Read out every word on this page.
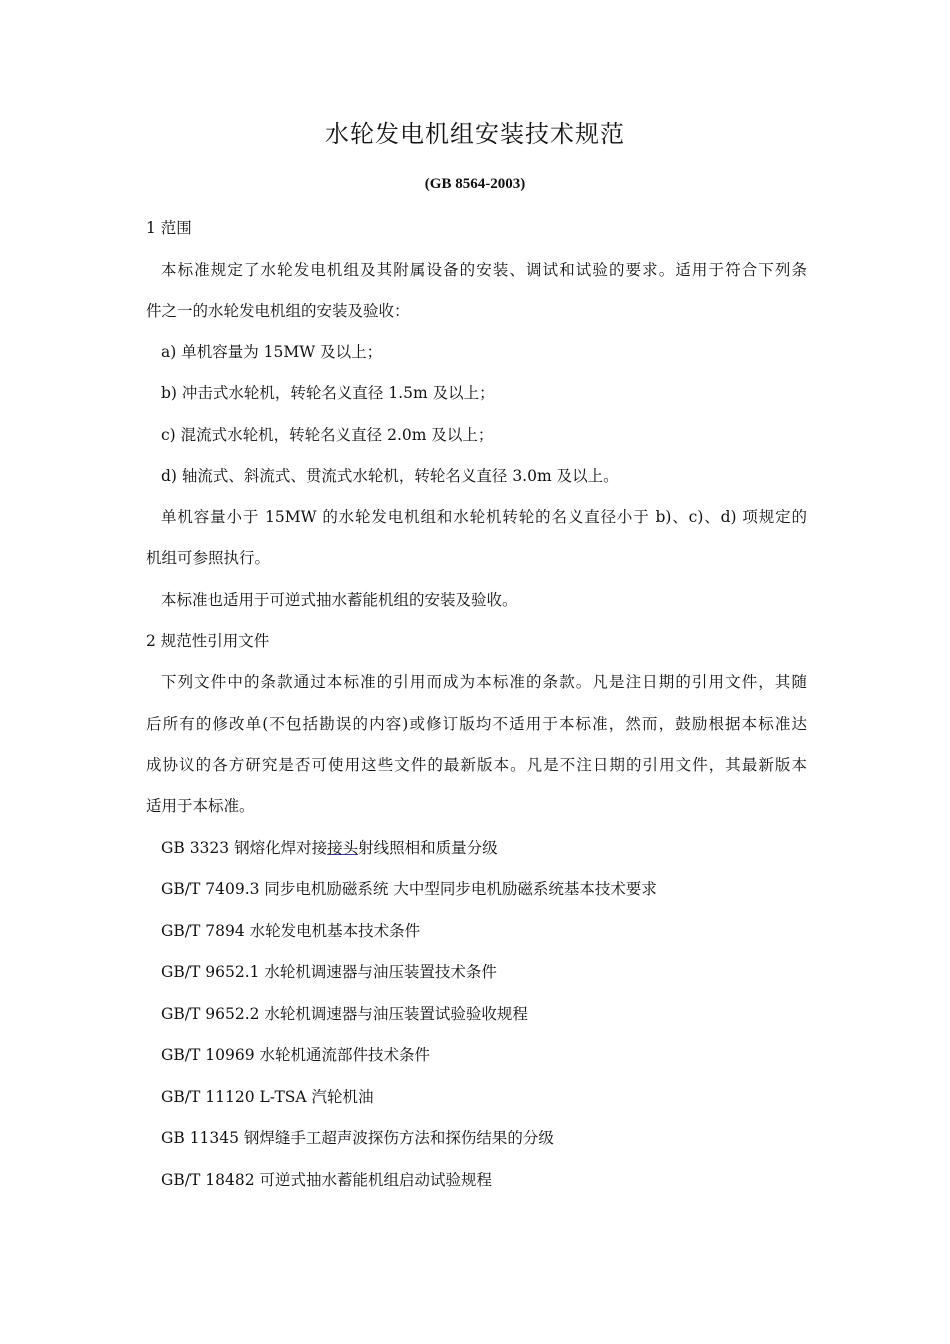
水轮发电机组安装技术规范
(GB 8564-2003)
1 范围
本标准规定了水轮发电机组及其附属设备的安装、调试和试验的要求。适用于符合下列条
件之一的水轮发电机组的安装及验收：
a) 单机容量为 15MW 及以上；
b) 冲击式水轮机，转轮名义直径 1.5m 及以上；
c) 混流式水轮机，转轮名义直径 2.0m 及以上；
d) 轴流式、斜流式、贯流式水轮机，转轮名义直径 3.0m 及以上。
单机容量小于 15MW 的水轮发电机组和水轮机转轮的名义直径小于 b)、c)、d) 项规定的
机组可参照执行。
本标准也适用于可逆式抽水蓄能机组的安装及验收。
2 规范性引用文件
下列文件中的条款通过本标准的引用而成为本标准的条款。凡是注日期的引用文件，其随
后所有的修改单(不包括勘误的内容)或修订版均不适用于本标准，然而，鼓励根据本标准达
成协议的各方研究是否可使用这些文件的最新版本。凡是不注日期的引用文件，其最新版本
适用于本标准。
GB 3323 钢熔化焊对接接头射线照相和质量分级
GB/T 7409.3 同步电机励磁系统 大中型同步电机励磁系统基本技术要求
GB/T 7894 水轮发电机基本技术条件
GB/T 9652.1 水轮机调速器与油压装置技术条件
GB/T 9652.2 水轮机调速器与油压装置试验验收规程
GB/T 10969 水轮机通流部件技术条件
GB/T 11120 L-TSA 汽轮机油
GB 11345 钢焊缝手工超声波探伤方法和探伤结果的分级
GB/T 18482 可逆式抽水蓄能机组启动试验规程
